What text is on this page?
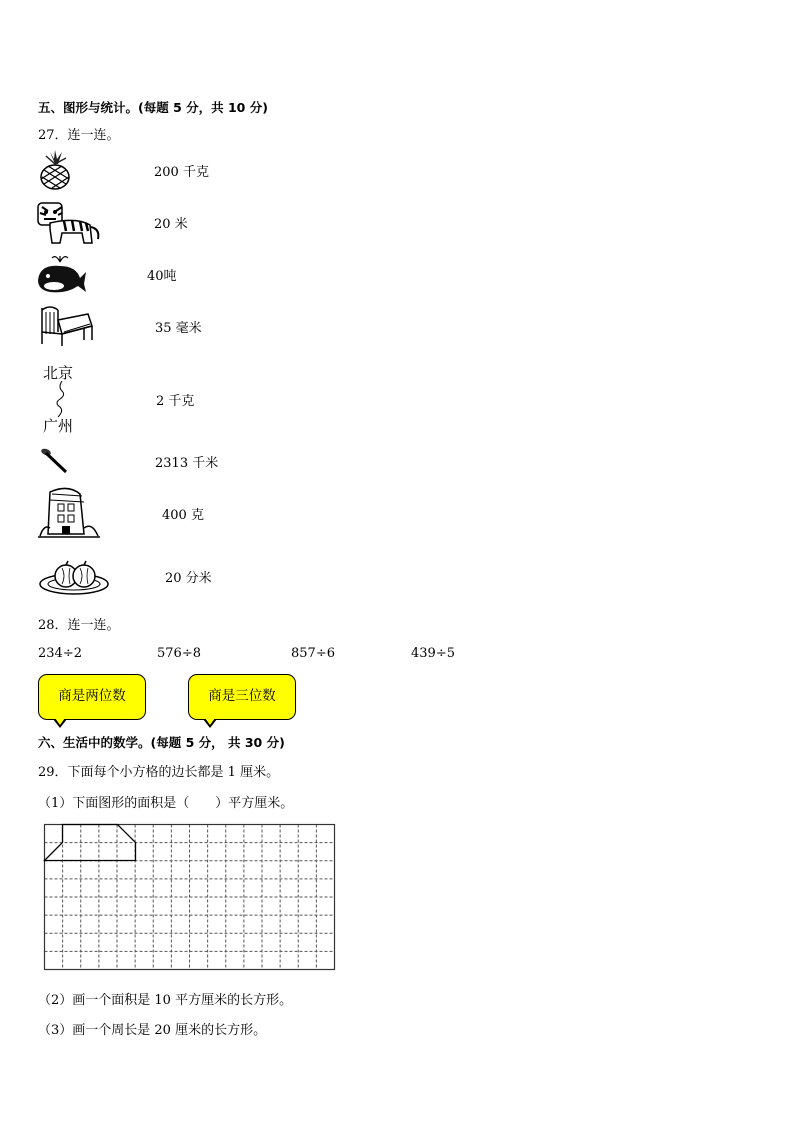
五、图形与统计。(每题 5 分，共 10 分)
27．连一连。
200 千克
20 米
40吨
35 毫米
北京
广州
2 千克
2313 千米
400 克
20 分米
28．连一连。
234÷2	576÷8	857÷6	439÷5
商是两位数	商是三位数
六、生活中的数学。(每题 5 分， 共 30 分)
29．下面每个小方格的边长都是 1 厘米。
（1）下面图形的面积是（　　）平方厘米。
（2）画一个面积是 10 平方厘米的长方形。
（3）画一个周长是 20 厘米的长方形。
